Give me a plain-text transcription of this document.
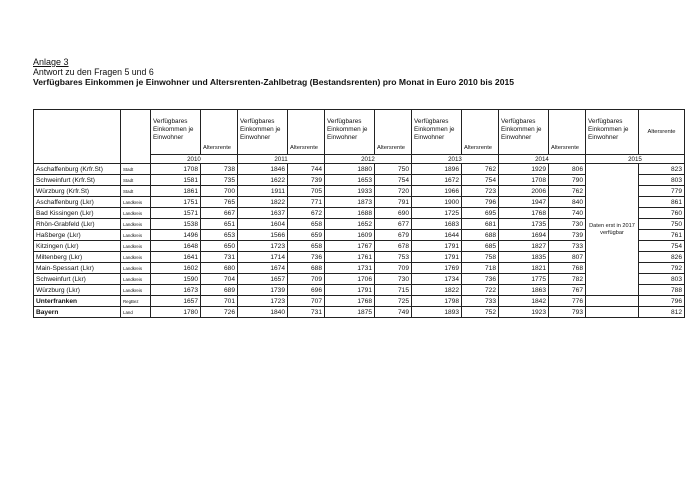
Anlage 3
Antwort zu den Fragen 5 und 6
Verfügbares Einkommen je Einwohner und Altersrenten-Zahlbetrag (Bestandsrenten) pro Monat in Euro 2010 bis 2015
		Verfügbares Einkommen je Einwohner	Altersrente	Verfügbares Einkommen je Einwohner	Altersrente	Verfügbares Einkommen je Einwohner	Altersrente	Verfügbares Einkommen je Einwohner	Altersrente	Verfügbares Einkommen je Einwohner	Altersrente	Verfügbares Einkommen je Einwohner	Altersrente
		2010		2011		2012		2013		2014		2015	
Aschaffenburg (Krfr.St)	Stadt	1708	738	1846	744	1880	750	1896	762	1929	806	Daten erst in 2017 verfügbar	823
Schweinfurt (Krfr.St)	Stadt	1581	735	1622	739	1653	754	1672	754	1708	790		803
Würzburg (Krfr.St)	Stadt	1861	700	1911	705	1933	720	1966	723	2006	762		779
Aschaffenburg (Lkr)	Landkreis	1751	765	1822	771	1873	791	1900	796	1947	840		861
Bad Kissingen (Lkr)	Landkreis	1571	667	1637	672	1688	690	1725	695	1768	740		760
Rhön-Grabfeld (Lkr)	Landkreis	1538	651	1604	658	1652	677	1683	681	1735	730		750
Haßberge (Lkr)	Landkreis	1496	653	1566	659	1609	679	1644	688	1694	739		761
Kitzingen (Lkr)	Landkreis	1648	650	1723	658	1767	678	1791	685	1827	733		754
Miltenberg (Lkr)	Landkreis	1641	731	1714	736	1761	753	1791	758	1835	807		826
Main-Spessart (Lkr)	Landkreis	1602	680	1674	688	1731	709	1769	718	1821	768		792
Schweinfurt (Lkr)	Landkreis	1590	704	1657	709	1706	730	1734	736	1775	782		803
Würzburg (Lkr)	Landkreis	1673	689	1739	696	1791	715	1822	722	1863	767		788
Unterfranken	RegBez	1657	701	1723	707	1768	725	1798	733	1842	776		796
Bayern	Land	1780	726	1840	731	1875	749	1893	752	1923	793		812
